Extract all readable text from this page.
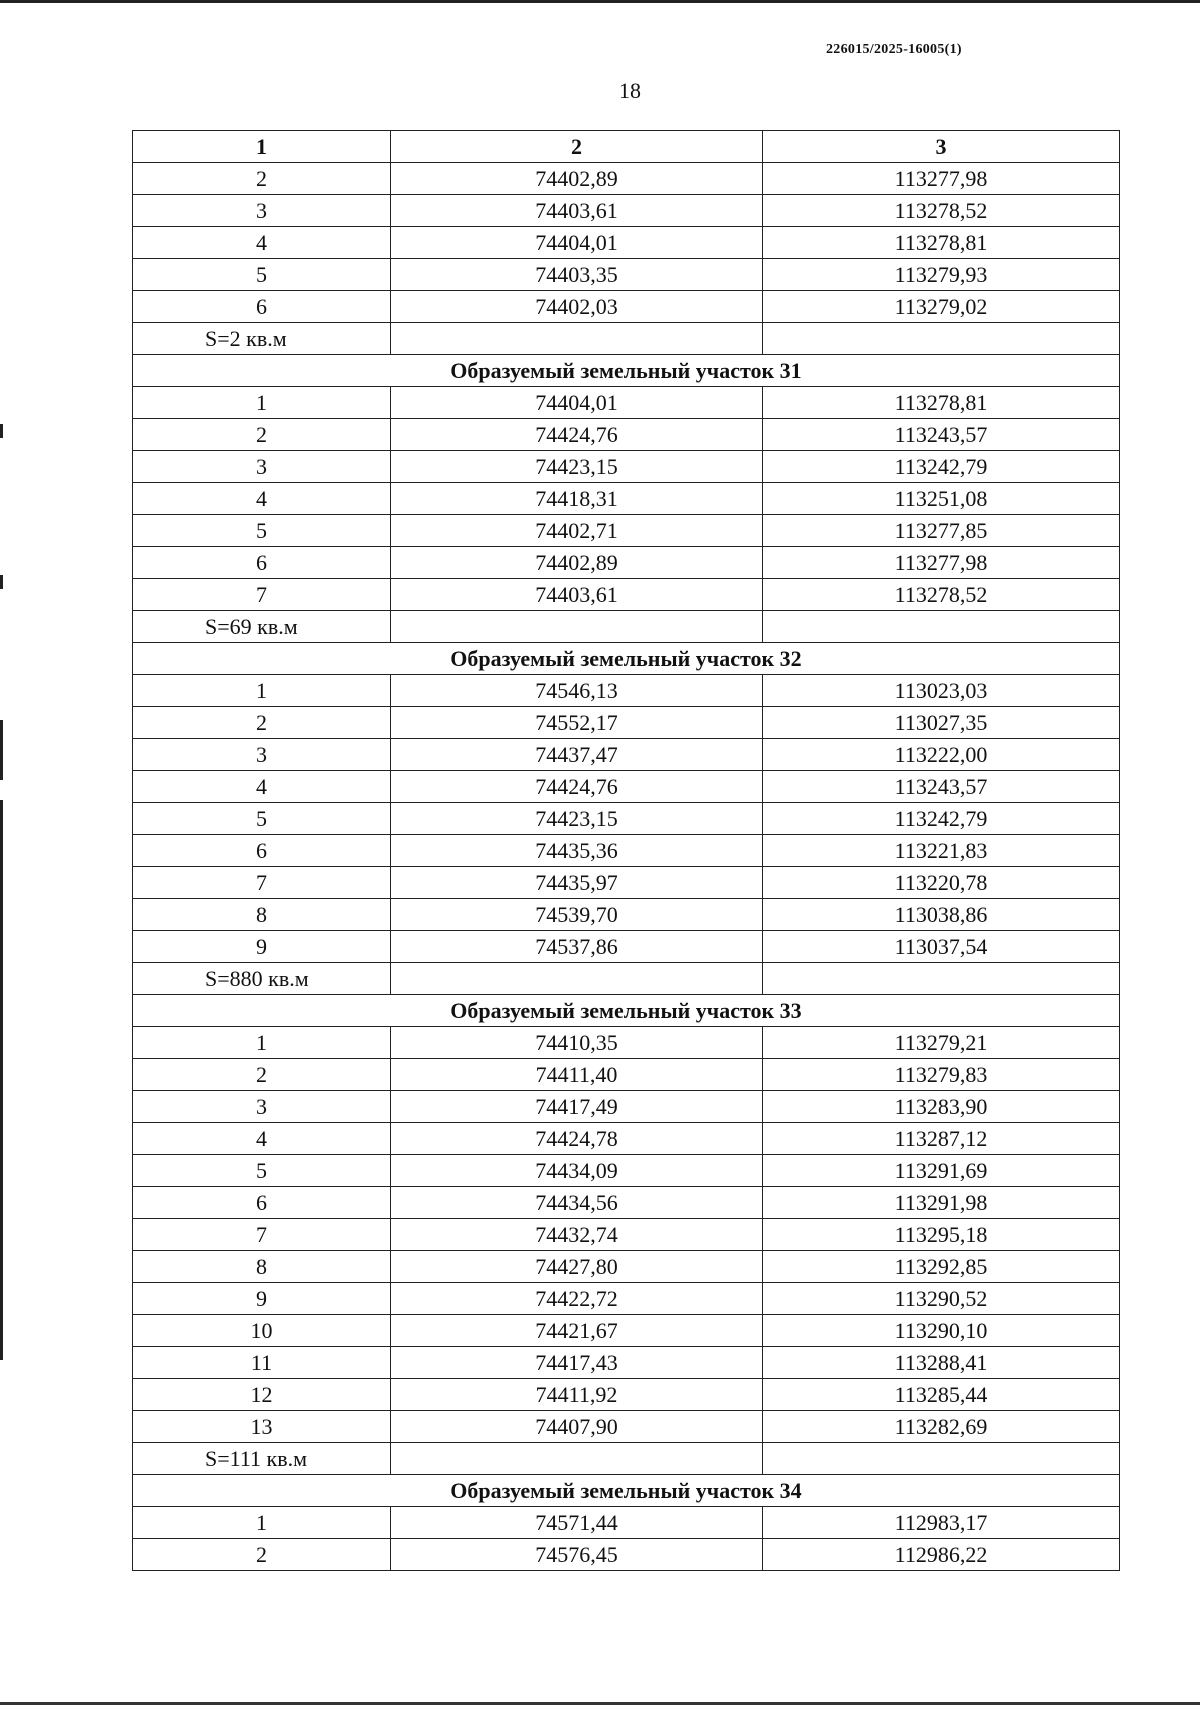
226015/2025-16005(1)
18
1	2	3
2	74402,89	113277,98
3	74403,61	113278,52
4	74404,01	113278,81
5	74403,35	113279,93
6	74402,03	113279,02
S=2 кв.м		
Образуемый земельный участок 31		
1	74404,01	113278,81
2	74424,76	113243,57
3	74423,15	113242,79
4	74418,31	113251,08
5	74402,71	113277,85
6	74402,89	113277,98
7	74403,61	113278,52
S=69 кв.м		
Образуемый земельный участок 32		
1	74546,13	113023,03
2	74552,17	113027,35
3	74437,47	113222,00
4	74424,76	113243,57
5	74423,15	113242,79
6	74435,36	113221,83
7	74435,97	113220,78
8	74539,70	113038,86
9	74537,86	113037,54
S=880 кв.м		
Образуемый земельный участок 33		
1	74410,35	113279,21
2	74411,40	113279,83
3	74417,49	113283,90
4	74424,78	113287,12
5	74434,09	113291,69
6	74434,56	113291,98
7	74432,74	113295,18
8	74427,80	113292,85
9	74422,72	113290,52
10	74421,67	113290,10
11	74417,43	113288,41
12	74411,92	113285,44
13	74407,90	113282,69
S=111 кв.м		
Образуемый земельный участок 34		
1	74571,44	112983,17
2	74576,45	112986,22
